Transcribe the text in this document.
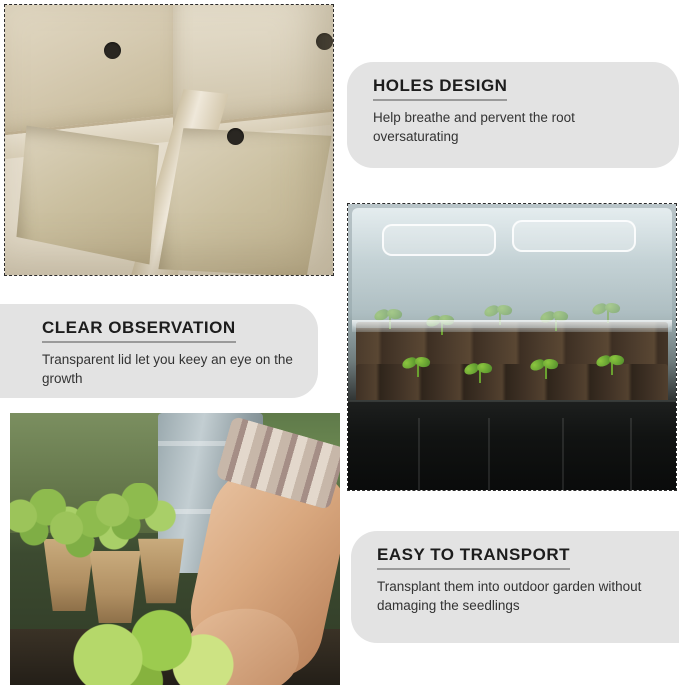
HOLES DESIGN
Help breathe and pervent the root oversaturating
CLEAR OBSERVATION
Transparent lid let you keey an eye on the growth
EASY TO TRANSPORT
Transplant them into outdoor garden without damaging the seedlings
